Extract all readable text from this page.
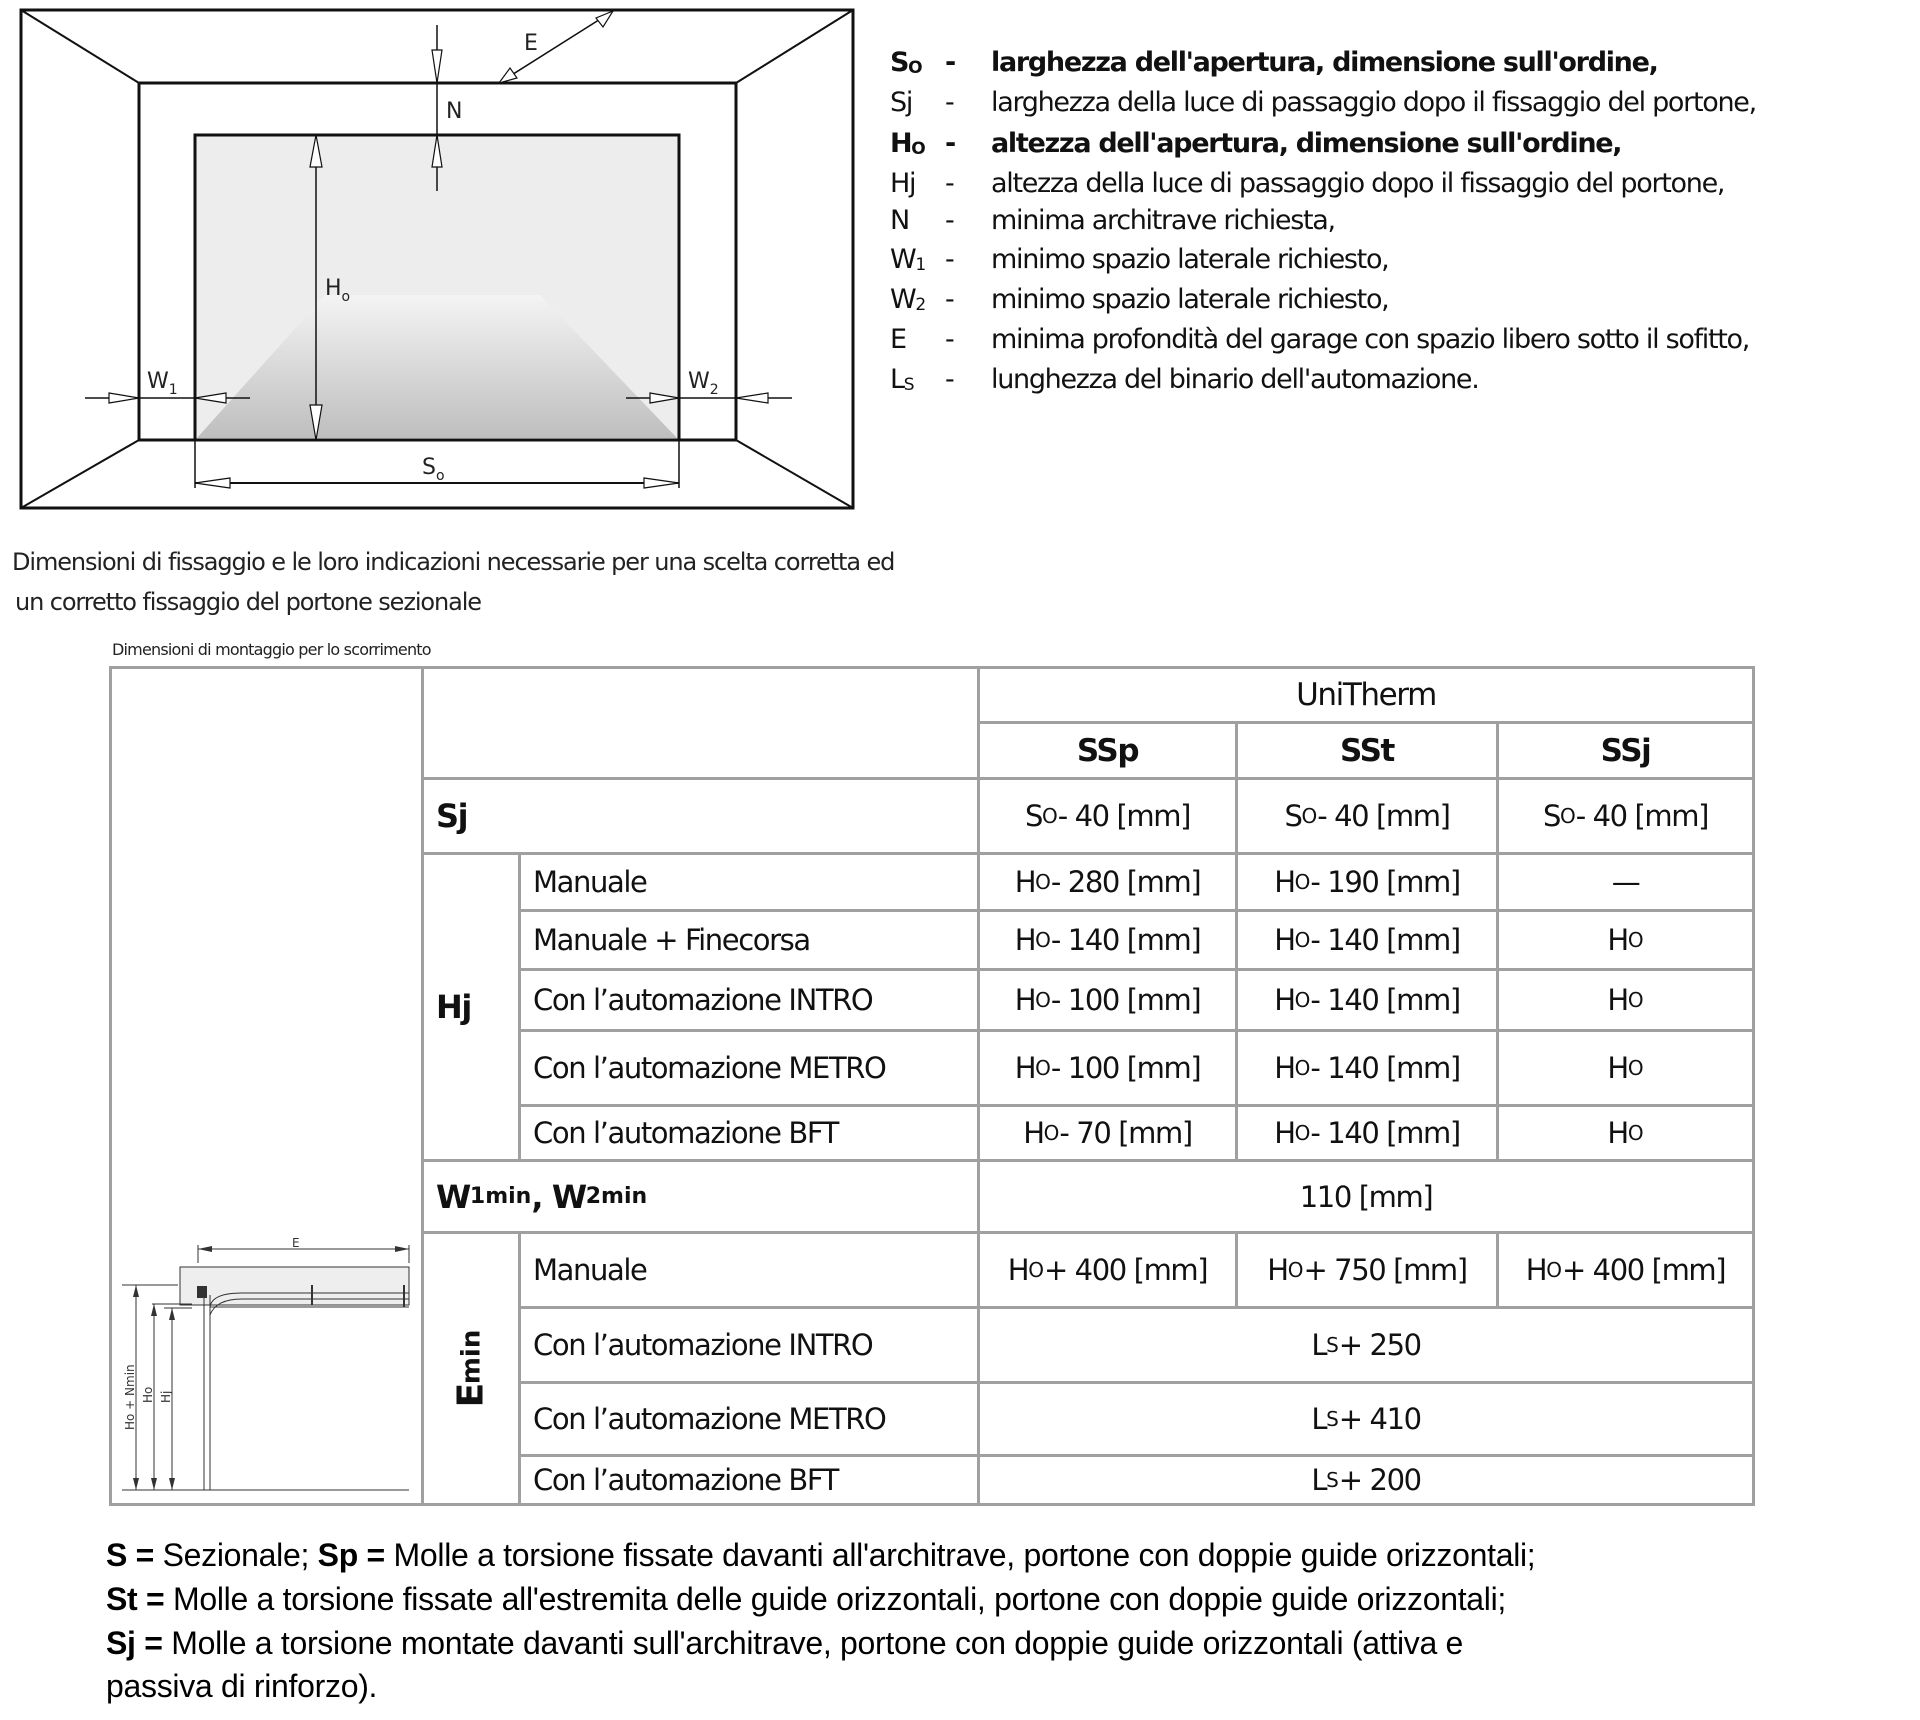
N
E
$H_o$
$W_1$	$W_2$
$S_o$
$S_O$ - larghezza dell'apertura, dimensione sull'ordine,
Sj - larghezza della luce di passaggio dopo il fissaggio del portone,
$H_O$ - altezza dell'apertura, dimensione sull'ordine,
Hj - altezza della luce di passaggio dopo il fissaggio del portone,
N - minima architrave richiesta,
$W_1$ - minimo spazio laterale richiesto,
$W_2$ - minimo spazio laterale richiesto,
E - minima profondità del garage con spazio libero sotto il sofitto,
$L_S$ - lunghezza del binario dell'automazione.
Dimensioni di fissaggio e le loro indicazioni necessarie per una scelta corretta ed
un corretto fissaggio del portone sezionale
Dimensioni di montaggio per lo scorrimento
E
Ho + Nmin Ho Hj
UniTherm
SSp	SSt	SSj
Sj	S O - 40 [mm]	S O - 40 [mm]	S O - 40 [mm]
Hj
Manuale	H O - 280 [mm]	H O - 190 [mm]	—
Manuale + Finecorsa	H O - 140 [mm]	H O - 140 [mm]	H O
Con l’automazione INTRO	H O - 100 [mm]	H O - 140 [mm]	H O
Con l’automazione METRO	H O - 100 [mm]	H O - 140 [mm]	H O
Con l’automazione BFT	H O - 70 [mm]	H O - 140 [mm]	H O
W 1min , W 2min	110 [mm]
E
min
Manuale	H O + 400 [mm]	H O + 750 [mm]	H O + 400 [mm]
Con l’automazione INTRO	L S + 250
Con l’automazione METRO	L S + 410
Con l’automazione BFT	L S + 200
S = Sezionale; Sp = Molle a torsione fissate davanti all'architrave, portone con doppie guide orizzontali;
St = Molle a torsione fissate all'estremita delle guide orizzontali, portone con doppie guide orizzontali;
Sj = Molle a torsione montate davanti sull'architrave, portone con doppie guide orizzontali (attiva e
passiva di rinforzo).
